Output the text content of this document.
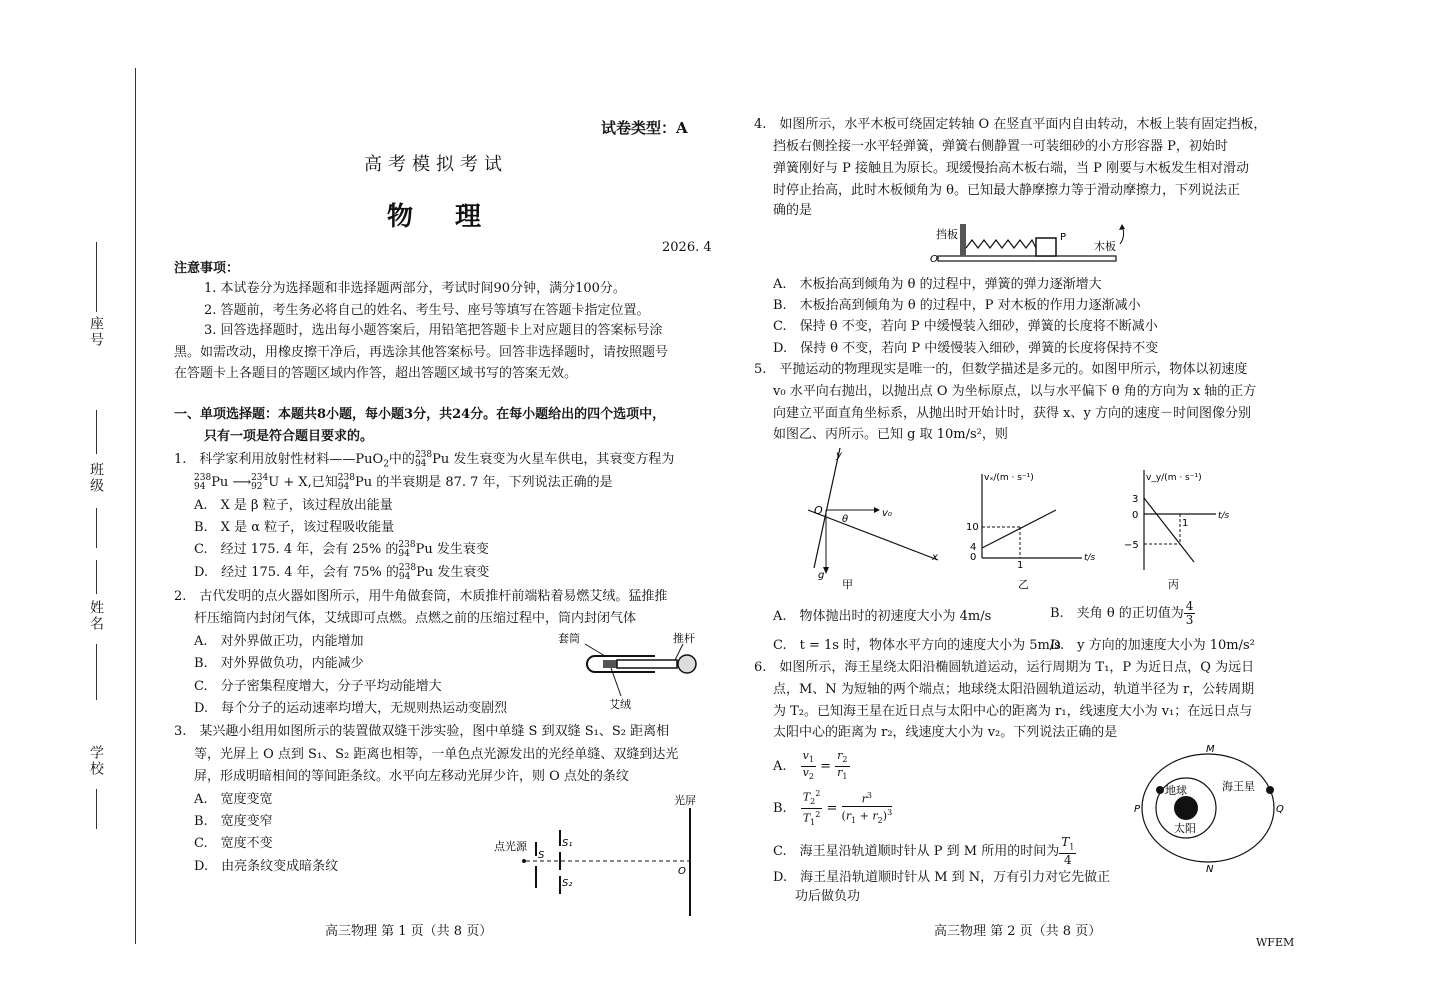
座号
班级
姓名
学校
试卷类型：A
高考模拟考试
物　理
2026. 4
注意事项：
1. 本试卷分为选择题和非选择题两部分，考试时间90分钟，满分100分。
2. 答题前，考生务必将自己的姓名、考生号、座号等填写在答题卡指定位置。
3. 回答选择题时，选出每小题答案后，用铅笔把答题卡上对应题目的答案标号涂
黑。如需改动，用橡皮擦干净后，再选涂其他答案标号。回答非选择题时，请按照题号
在答题卡上各题目的答题区域内作答，超出答题区域书写的答案无效。
一、单项选择题：本题共8小题，每小题3分，共24分。在每小题给出的四个选项中，
只有一项是符合题目要求的。
1.　科学家利用放射性材料——PuO$_2$中的 238
94 Pu 发生衰变为火星车供电，其衰变方程为
238
94 Pu ⟶ 234
92 U + X,已知 238
94 Pu 的半衰期是 87. 7 年，下列说法正确的是
A.　X 是 β 粒子，该过程放出能量
B.　X 是 α 粒子，该过程吸收能量
C.　经过 175. 4 年，会有 25% 的 238
94 Pu 发生衰变
D.　经过 175. 4 年，会有 75% 的 238
94 Pu 发生衰变
2.　古代发明的点火器如图所示，用牛角做套筒，木质推杆前端粘着易燃艾绒。猛推推
杆压缩筒内封闭气体，艾绒即可点燃。点燃之前的压缩过程中，筒内封闭气体
A.　对外界做正功，内能增加
B.　对外界做负功，内能减少
C.　分子密集程度增大，分子平均动能增大
D.　每个分子的运动速率均增大，无规则热运动变剧烈
套筒	推杆
艾绒
3.　某兴趣小组用如图所示的装置做双缝干涉实验，图中单缝 S 到双缝 S₁、S₂ 距离相
等，光屏上 O 点到 S₁、S₂ 距离也相等，一单色点光源发出的光经单缝、双缝到达光
屏，形成明暗相间的等间距条纹。水平向左移动光屏少许，则 O 点处的条纹
A.　宽度变宽
B.　宽度变窄
C.　宽度不变
D.　由亮条纹变成暗条纹
光屏
点光源
S
S₁
S₂
O
高三物理 第 1 页（共 8 页）
4.　如图所示，水平木板可绕固定转轴 O 在竖直平面内自由转动，木板上装有固定挡板，
挡板右侧拴接一水平轻弹簧，弹簧右侧静置一可装细砂的小方形容器 P，初始时
弹簧刚好与 P 接触且为原长。现缓慢抬高木板右端，当 P 刚要与木板发生相对滑动
时停止抬高，此时木板倾角为 θ。已知最大静摩擦力等于滑动摩擦力，下列说法正
确的是
挡板
O
P
木板
A.　木板抬高到倾角为 θ 的过程中，弹簧的弹力逐渐增大
B.　木板抬高到倾角为 θ 的过程中，P 对木板的作用力逐渐减小
C.　保持 θ 不变，若向 P 中缓慢装入细砂，弹簧的长度将不断减小
D.　保持 θ 不变，若向 P 中缓慢装入细砂，弹簧的长度将保持不变
5.　平抛运动的物理现实是唯一的，但数学描述是多元的。如图甲所示，物体以初速度
v₀ 水平向右抛出，以抛出点 O 为坐标原点，以与水平偏下 θ 角的方向为 x 轴的正方
向建立平面直角坐标系，从抛出时开始计时，获得 x、y 方向的速度－时间图像分别
如图乙、丙所示。已知 g 取 10m/s²，则
y
x
v₀
O
θ
g
甲
vₓ/(m · s⁻¹)
t/s
10
4
0
1
乙
v_y/(m · s⁻¹)
t/s
3
0
−5
1
丙
A.　物体抛出时的初速度大小为 4m/s	B.　夹角 θ 的正切值为 $\frac{4}{3}$
C.　t = 1s 时，物体水平方向的速度大小为 5m/s
D.　y 方向的加速度大小为 10m/s²
6.　如图所示，海王星绕太阳沿椭圆轨道运动，运行周期为 T₁，P 为近日点，Q 为远日
点，M、N 为短轴的两个端点；地球绕太阳沿圆轨道运动，轨道半径为 r，公转周期
为 T₂。已知海王星在近日点与太阳中心的距离为 r₁，线速度大小为 v₁；在远日点与
太阳中心的距离为 r₂，线速度大小为 v₂。下列说法正确的是
A. $\frac{v_1}{v_2} = \frac{r_2}{r_1}$
B. $\frac{T_2^2}{T_1^2} = \frac{r^3}{(r_1 + r_2)^3}$
C.　海王星沿轨道顺时针从 P 到 M 所用的时间为 $\frac{T_1}{4}$
D.　海王星沿轨道顺时针从 M 到 N，万有引力对它先做正
功后做负功
地球	海王星
太阳
M
N
P	Q
高三物理 第 2 页（共 8 页）
WFEM
